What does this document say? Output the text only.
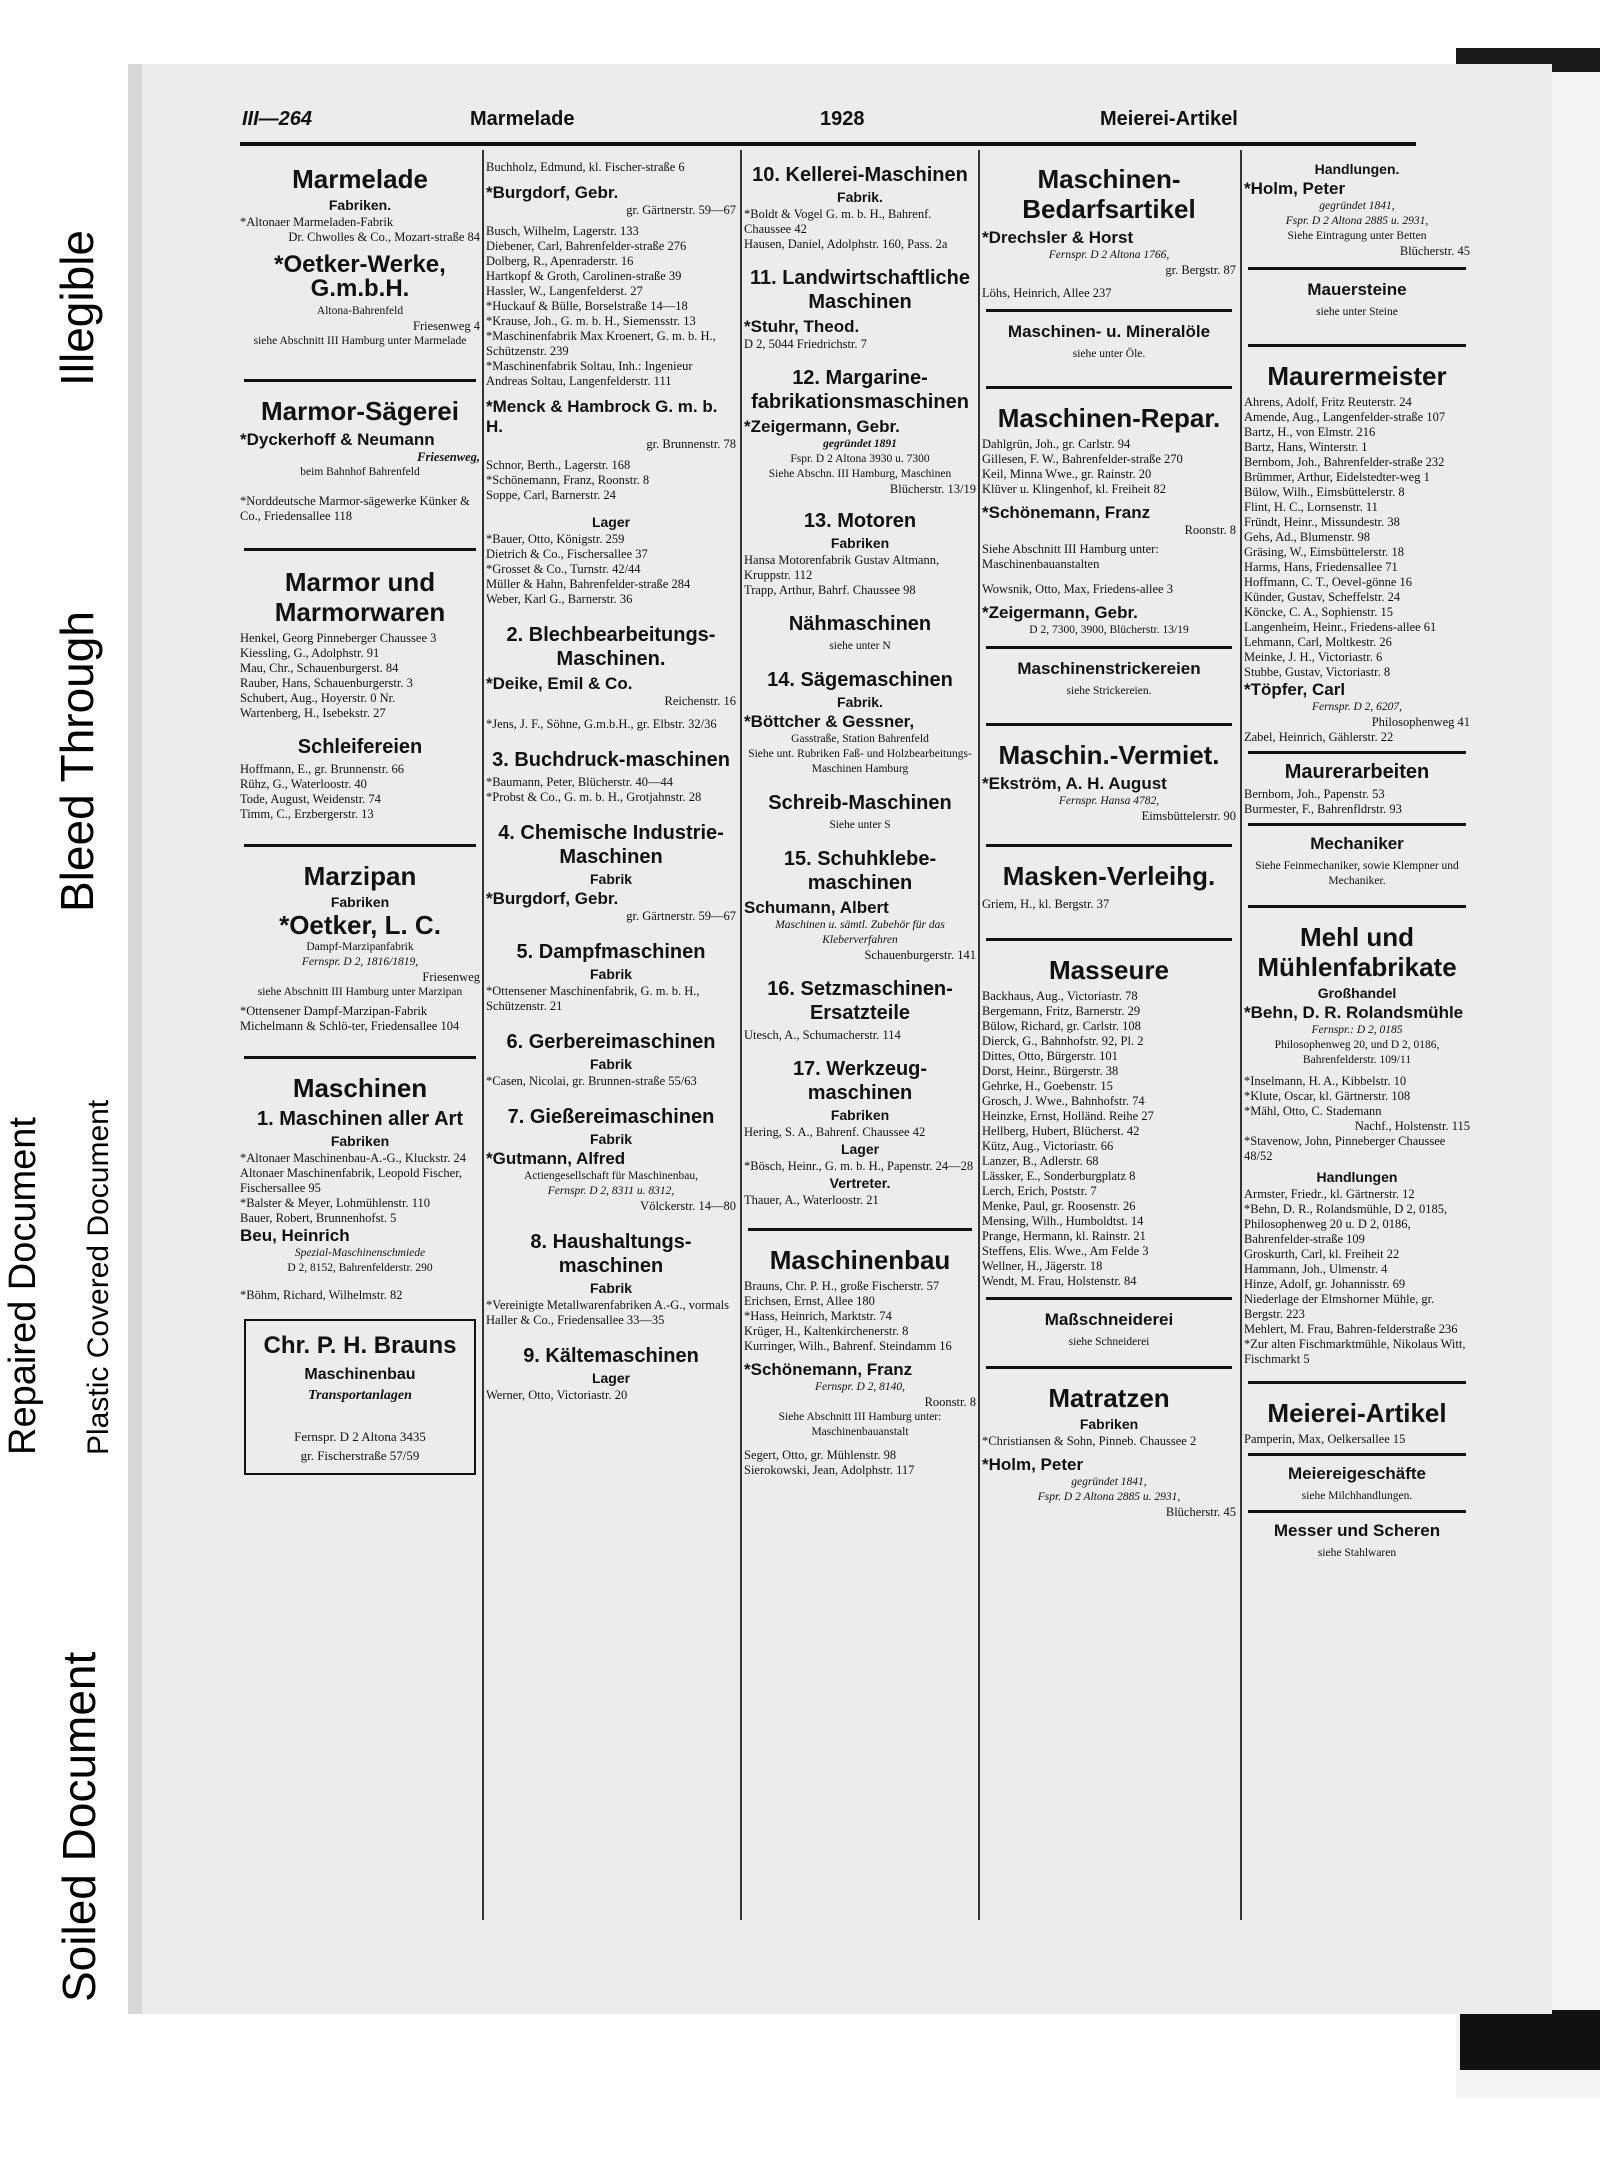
Soiled Document
Repaired Document Plastic Covered Document
Bleed Through
Illegible
III—264	Marmelade	1928	Meierei-Artikel

Marmelade

Fabriken.

*Altonaer Marmeladen-Fabrik

Dr. Chwolles & Co., Mozart-straße 84

*Oetker-Werke, G.m.b.H.

Altona-Bahrenfeld

Friesenweg 4

siehe Abschnitt III Hamburg unter Marmelade

Marmor-Sägerei

*Dyckerhoff & Neumann

Friesenweg,

beim Bahnhof Bahrenfeld

*Norddeutsche Marmor-sägewerke Künker & Co., Friedensallee 118

Marmor und Marmorwaren

Henkel, Georg Pinneberger Chaussee 3

Kiessling, G., Adolphstr. 91

Mau, Chr., Schauenburgerst. 84

Rauber, Hans, Schauenburgerstr. 3

Schubert, Aug., Hoyerstr. 0 Nr.

Wartenberg, H., Isebekstr. 27

Schleifereien

Hoffmann, E., gr. Brunnenstr. 66

Rühz, G., Waterloostr. 40

Tode, August, Weidenstr. 74

Timm, C., Erzbergerstr. 13

Marzipan

Fabriken

*Oetker, L. C.

Dampf-Marzipanfabrik

Fernspr. D 2, 1816/1819,

Friesenweg

siehe Abschnitt III Hamburg unter Marzipan

*Ottensener Dampf-Marzipan-Fabrik Michelmann & Schlö-ter, Friedensallee 104

Maschinen

1. Maschinen aller Art

Fabriken

*Altonaer Maschinenbau-A.-G., Kluckstr. 24

Altonaer Maschinenfabrik, Leopold Fischer, Fischersallee 95

*Balster & Meyer, Lohmühlenstr. 110

Bauer, Robert, Brunnenhofst. 5

Beu, Heinrich

Spezial-Maschinenschmiede

D 2, 8152, Bahrenfelderstr. 290

*Böhm, Richard, Wilhelmstr. 82

Chr. P. H. Brauns
Maschinenbau
Transportanlagen
Fernspr. D 2 Altona 3435
gr. Fischerstraße 57/59

Buchholz, Edmund, kl. Fischer-straße 6

*Burgdorf, Gebr.

gr. Gärtnerstr. 59—67

Busch, Wilhelm, Lagerstr. 133

Diebener, Carl, Bahrenfelder-straße 276

Dolberg, R., Apenraderstr. 16

Hartkopf & Groth, Carolinen-straße 39

Hassler, W., Langenfelderst. 27

*Huckauf & Bülle, Borselstraße 14—18

*Krause, Joh., G. m. b. H., Siemensstr. 13

*Maschinenfabrik Max Kroenert, G. m. b. H., Schützenstr. 239

*Maschinenfabrik Soltau, Inh.: Ingenieur Andreas Soltau, Langenfelderstr. 111

*Menck & Hambrock G. m. b. H.

gr. Brunnenstr. 78

Schnor, Berth., Lagerstr. 168

*Schönemann, Franz, Roonstr. 8

Soppe, Carl, Barnerstr. 24

Lager

*Bauer, Otto, Königstr. 259

Dietrich & Co., Fischersallee 37

*Grosset & Co., Turnstr. 42/44

Müller & Hahn, Bahrenfelder-straße 284

Weber, Karl G., Barnerstr. 36

2. Blechbearbeitungs-Maschinen.

*Deike, Emil & Co.

Reichenstr. 16

*Jens, J. F., Söhne, G.m.b.H., gr. Elbstr. 32/36

3. Buchdruck-maschinen

*Baumann, Peter, Blücherstr. 40—44

*Probst & Co., G. m. b. H., Grotjahnstr. 28

4. Chemische Industrie-Maschinen

Fabrik

*Burgdorf, Gebr.

gr. Gärtnerstr. 59—67

5. Dampfmaschinen

Fabrik

*Ottensener Maschinenfabrik, G. m. b. H., Schützenstr. 21

6. Gerbereimaschinen

Fabrik

*Casen, Nicolai, gr. Brunnen-straße 55/63

7. Gießereimaschinen

Fabrik

*Gutmann, Alfred

Actiengesellschaft für Maschinenbau,

Fernspr. D 2, 8311 u. 8312,

Völckerstr. 14—80

8. Haushaltungs-maschinen

Fabrik

*Vereinigte Metallwarenfabriken A.-G., vormals Haller & Co., Friedensallee 33—35

9. Kältemaschinen

Lager

Werner, Otto, Victoriastr. 20

10. Kellerei-Maschinen

Fabrik.

*Boldt & Vogel G. m. b. H., Bahrenf. Chaussee 42

Hausen, Daniel, Adolphstr. 160, Pass. 2a

11. Landwirtschaftliche Maschinen

*Stuhr, Theod.

D 2, 5044 Friedrichstr. 7

12. Margarine-fabrikationsmaschinen

*Zeigermann, Gebr.

gegründet 1891

Fspr. D 2 Altona 3930 u. 7300

Siehe Abschn. III Hamburg, Maschinen

Blücherstr. 13/19

13. Motoren

Fabriken

Hansa Motorenfabrik Gustav Altmann, Kruppstr. 112

Trapp, Arthur, Bahrf. Chaussee 98

Nähmaschinen

siehe unter N

14. Sägemaschinen

Fabrik.

*Böttcher & Gessner,

Gasstraße, Station Bahrenfeld

Siehe unt. Rubriken Faß- und Holzbearbeitungs-Maschinen Hamburg

Schreib-Maschinen

Siehe unter S

15. Schuhklebe-maschinen

Schumann, Albert

Maschinen u. sämtl. Zubehör für das Kleberverfahren

Schauenburgerstr. 141

16. Setzmaschinen-Ersatzteile

Utesch, A., Schumacherstr. 114

17. Werkzeug-maschinen

Fabriken

Hering, S. A., Bahrenf. Chaussee 42

Lager

*Bösch, Heinr., G. m. b. H., Papenstr. 24—28

Vertreter.

Thauer, A., Waterloostr. 21

Maschinenbau

Brauns, Chr. P. H., große Fischerstr. 57

Erichsen, Ernst, Allee 180

*Hass, Heinrich, Marktstr. 74

Krüger, H., Kaltenkirchenerstr. 8

Kurringer, Wilh., Bahrenf. Steindamm 16

*Schönemann, Franz

Fernspr. D 2, 8140,

Roonstr. 8

Siehe Abschnitt III Hamburg unter: Maschinenbauanstalt

Segert, Otto, gr. Mühlenstr. 98

Sierokowski, Jean, Adolphstr. 117

Maschinen-Bedarfsartikel

*Drechsler & Horst

Fernspr. D 2 Altona 1766,

gr. Bergstr. 87

Löhs, Heinrich, Allee 237

Maschinen- u. Mineralöle

siehe unter Öle.

Maschinen-Repar.

Dahlgrün, Joh., gr. Carlstr. 94

Gillesen, F. W., Bahrenfelder-straße 270

Keil, Minna Wwe., gr. Rainstr. 20

Klüver u. Klingenhof, kl. Freiheit 82

*Schönemann, Franz

Roonstr. 8

Siehe Abschnitt III Hamburg unter: Maschinenbauanstalten

Wowsnik, Otto, Max, Friedens-allee 3

*Zeigermann, Gebr.

D 2, 7300, 3900, Blücherstr. 13/19

Maschinenstrickereien

siehe Strickereien.

Maschin.-Vermiet.

*Ekström, A. H. August

Fernspr. Hansa 4782,

Eimsbüttelerstr. 90

Masken-Verleihg.

Griem, H., kl. Bergstr. 37

Masseure

Backhaus, Aug., Victoriastr. 78

Bergemann, Fritz, Barnerstr. 29

Bülow, Richard, gr. Carlstr. 108

Dierck, G., Bahnhofstr. 92, Pl. 2

Dittes, Otto, Bürgerstr. 101

Dorst, Heinr., Bürgerstr. 38

Gehrke, H., Goebenstr. 15

Grosch, J. Wwe., Bahnhofstr. 74

Heinzke, Ernst, Holländ. Reihe 27

Hellberg, Hubert, Blücherst. 42

Kütz, Aug., Victoriastr. 66

Lanzer, B., Adlerstr. 68

Lässker, E., Sonderburgplatz 8

Lerch, Erich, Poststr. 7

Menke, Paul, gr. Roosenstr. 26

Mensing, Wilh., Humboldtst. 14

Prange, Hermann, kl. Rainstr. 21

Steffens, Elis. Wwe., Am Felde 3

Wellner, H., Jägerstr. 18

Wendt, M. Frau, Holstenstr. 84

Maßschneiderei

siehe Schneiderei

Matratzen

Fabriken

*Christiansen & Sohn, Pinneb. Chaussee 2

*Holm, Peter

gegründet 1841,

Fspr. D 2 Altona 2885 u. 2931,

Blücherstr. 45

Handlungen.

*Holm, Peter

gegründet 1841,

Fspr. D 2 Altona 2885 u. 2931,

Siehe Eintragung unter Betten

Blücherstr. 45

Mauersteine

siehe unter Steine

Maurermeister

Ahrens, Adolf, Fritz Reuterstr. 24

Amende, Aug., Langenfelder-straße 107

Bartz, H., von Elmstr. 216

Bartz, Hans, Winterstr. 1

Bernbom, Joh., Bahrenfelder-straße 232

Brümmer, Arthur, Eidelstedter-weg 1

Bülow, Wilh., Eimsbüttelerstr. 8

Flint, H. C., Lornsenstr. 11

Fründt, Heinr., Missundestr. 38

Gehs, Ad., Blumenstr. 98

Gräsing, W., Eimsbüttelerstr. 18

Harms, Hans, Friedensallee 71

Hoffmann, C. T., Oevel-gönne 16

Künder, Gustav, Scheffelstr. 24

Köncke, C. A., Sophienstr. 15

Langenheim, Heinr., Friedens-allee 61

Lehmann, Carl, Moltkestr. 26

Meinke, J. H., Victoriastr. 6

Stubbe, Gustav, Victoriastr. 8

*Töpfer, Carl

Fernspr. D 2, 6207,

Philosophenweg 41

Zabel, Heinrich, Gählerstr. 22

Maurerarbeiten

Bernbom, Joh., Papenstr. 53

Burmester, F., Bahrenfldrstr. 93

Mechaniker

Siehe Feinmechaniker, sowie Klempner und Mechaniker.

Mehl und Mühlenfabrikate

Großhandel

*Behn, D. R. Rolandsmühle

Fernspr.: D 2, 0185

Philosophenweg 20, und D 2, 0186, Bahrenfelderstr. 109/11

*Inselmann, H. A., Kibbelstr. 10

*Klute, Oscar, kl. Gärtnerstr. 108

*Mähl, Otto, C. Stademann

Nachf., Holstenstr. 115

*Stavenow, John, Pinneberger Chaussee 48/52

Handlungen

Armster, Friedr., kl. Gärtnerstr. 12

*Behn, D. R., Rolandsmühle, D 2, 0185, Philosophenweg 20 u. D 2, 0186, Bahrenfelder-straße 109

Groskurth, Carl, kl. Freiheit 22

Hammann, Joh., Ulmenstr. 4

Hinze, Adolf, gr. Johannisstr. 69

Niederlage der Elmshorner Mühle, gr. Bergstr. 223

Mehlert, M. Frau, Bahren-felderstraße 236

*Zur alten Fischmarktmühle, Nikolaus Witt, Fischmarkt 5

Meierei-Artikel

Pamperin, Max, Oelkersallee 15

Meiereigeschäfte

siehe Milchhandlungen.

Messer und Scheren

siehe Stahlwaren
